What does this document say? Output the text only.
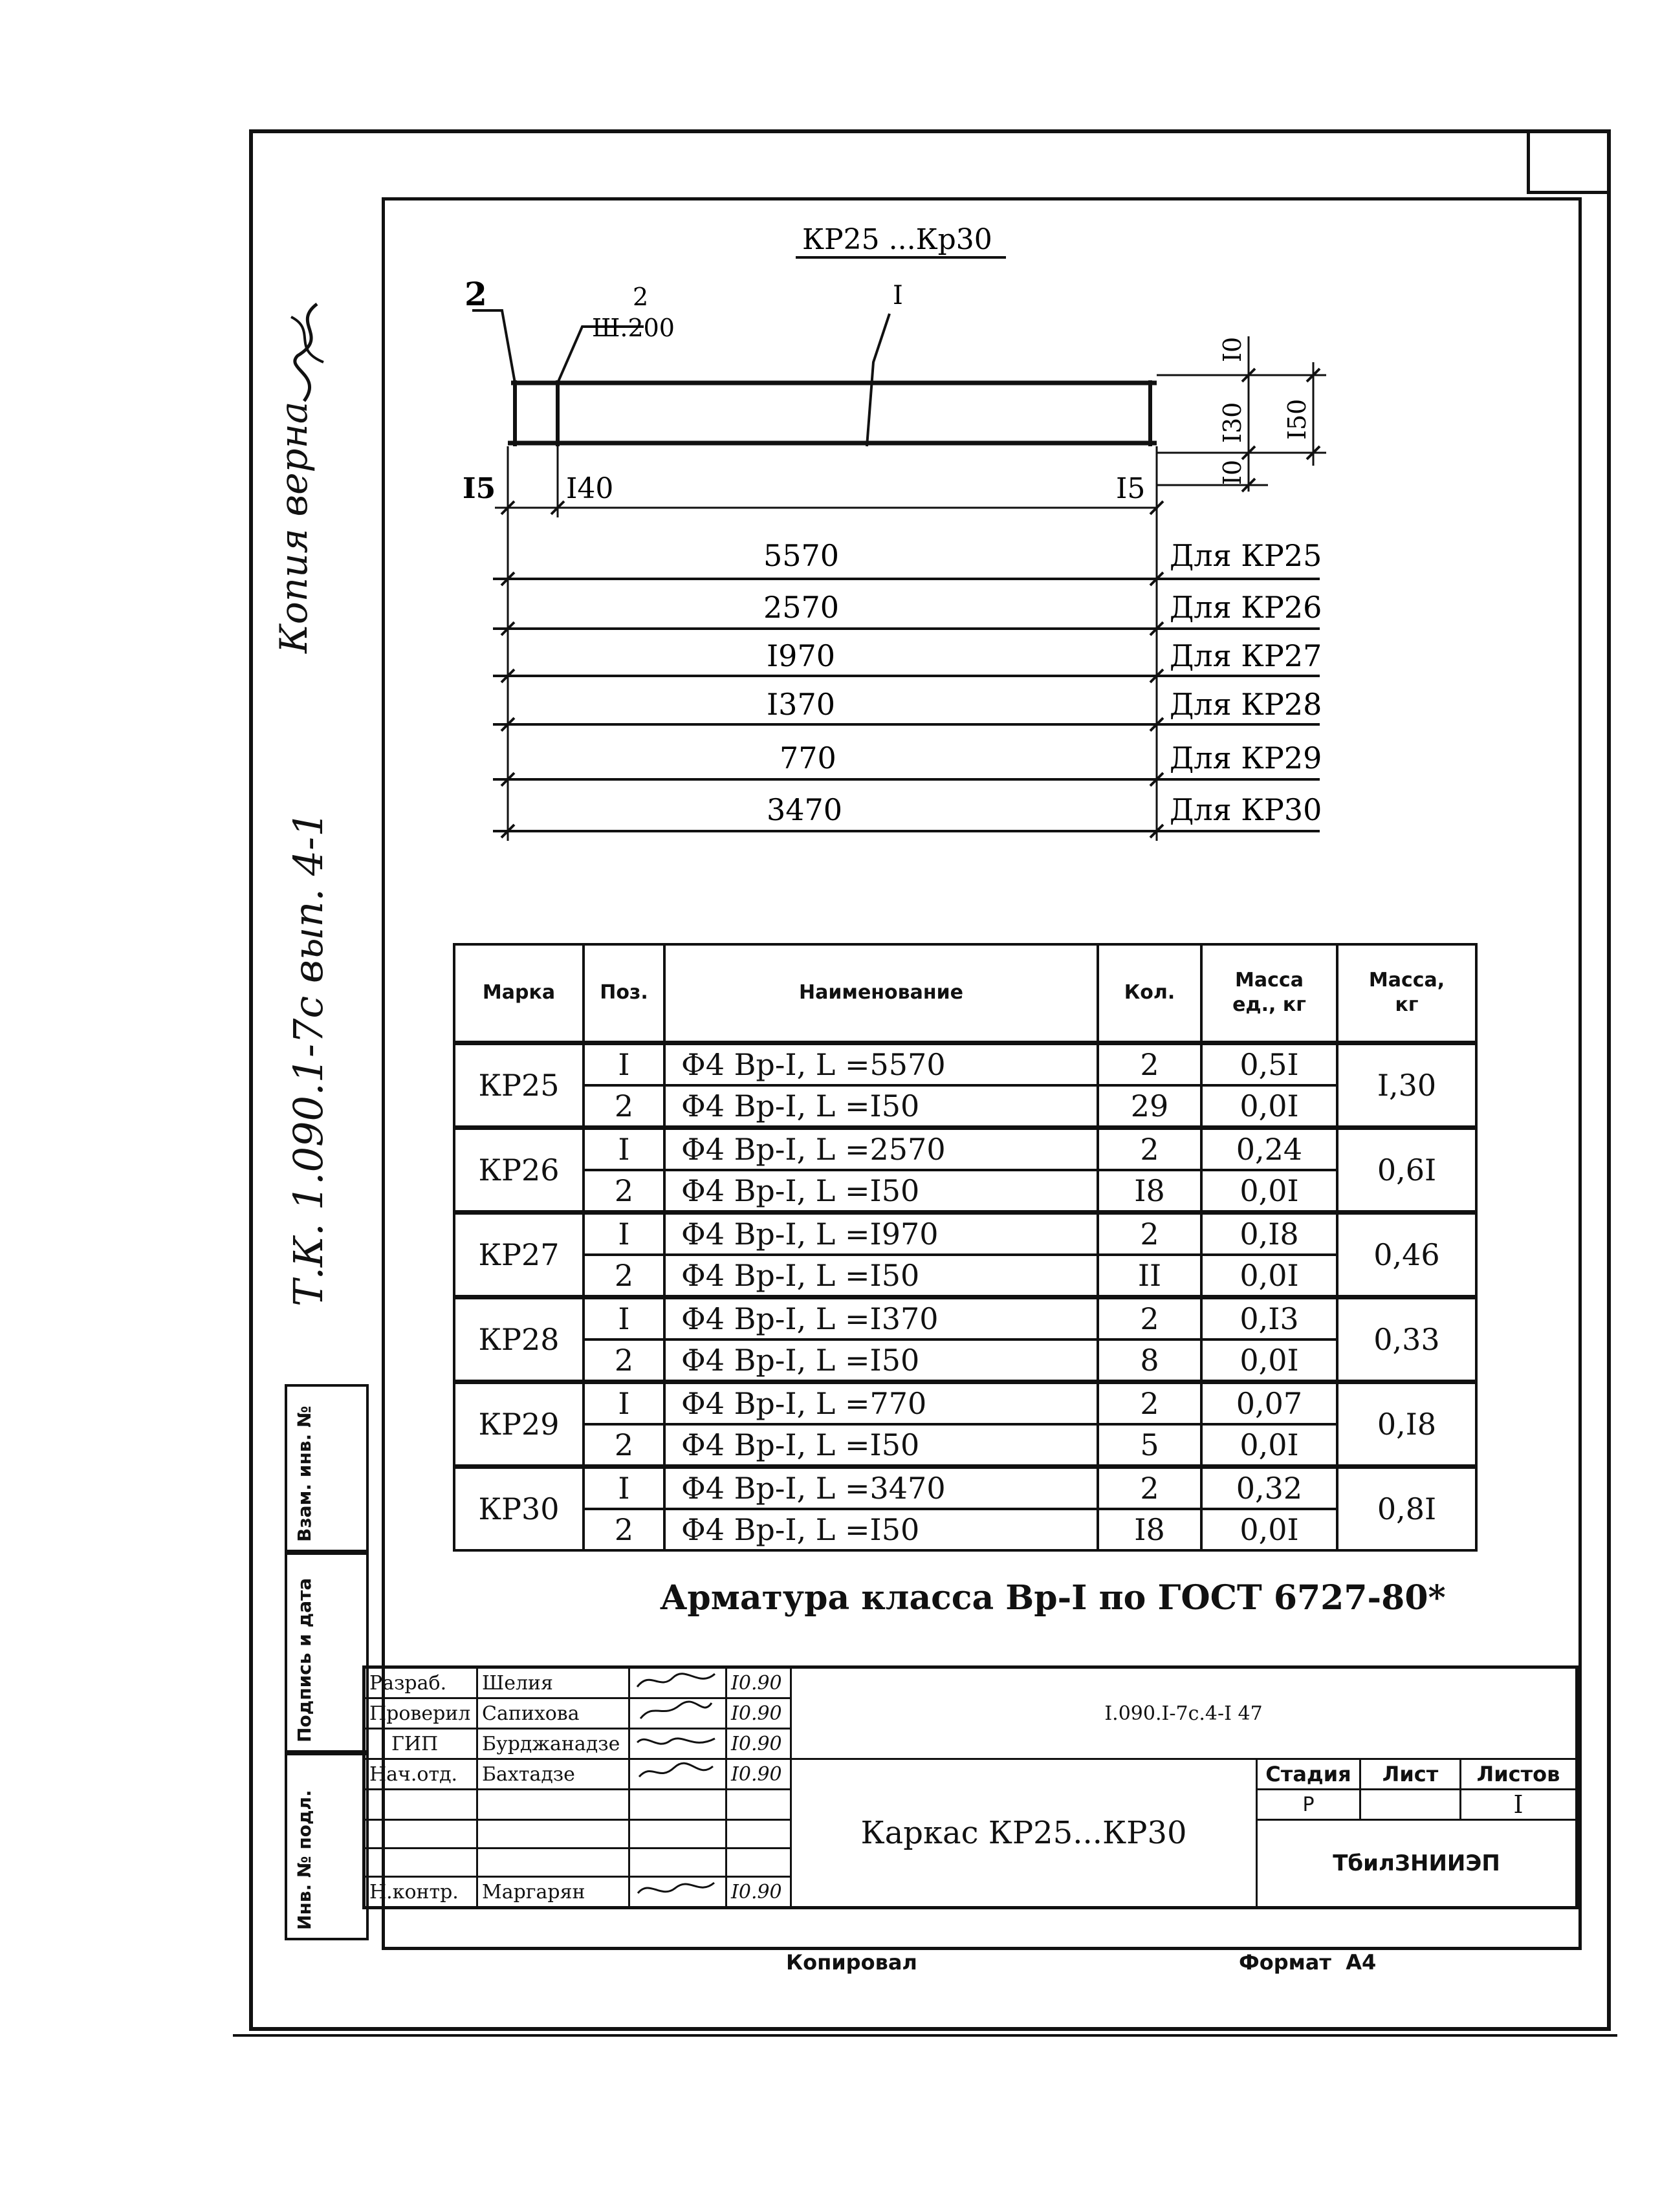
Копия верна
Т.К. 1.090.1-7с вып. 4-1
Взам. инв. №
Подпись и дата
Инв. № подл.
КР25 ...Кр30
2	2
Ш.200
I
I5 I40	I5
I0
I30 I50
I0
5570	Для КР25
2570	Для КР26
I970	Для КР27
I370	Для КР28
770	Для КР29
3470	Для КР30
Марка	Поз.	Наименование	Кол.	Масса ед., кг	Масса, кг
КР25	I	Φ4 Вр-I, L =5570	2	0,5I	I,30
	2	Φ4 Вр-I, L =I50	29	0,0I	
КР26	I	Φ4 Вр-I, L =2570	2	0,24	0,6I
	2	Φ4 Вр-I, L =I50	I8	0,0I	
КР27	I	Φ4 Вр-I, L =I970	2	0,I8	0,46
	2	Φ4 Вр-I, L =I50	II	0,0I	
КР28	I	Φ4 Вр-I, L =I370	2	0,I3	0,33
	2	Φ4 Вр-I, L =I50	8	0,0I	
КР29	I	Φ4 Вр-I, L =770	2	0,07	0,I8
	2	Φ4 Вр-I, L =I50	5	0,0I	
КР30	I	Φ4 Вр-I, L =3470	2	0,32	0,8I
	2	Φ4 Вр-I, L =I50	I8	0,0I	
Арматура класса Вр-I по ГОСТ 6727-80*
Разраб.	Шелия		I0.90	I.090.I-7с.4-I 47			
Проверил	Сапихова		I0.90				
ГИП	Бурджанадзе		I0.90				
Нач.отд.	Бахтадзе		I0.90	Каркас КР25...КР30	Стадия	Лист	Листов
					Р		I
					ТбилЗНИИЭП		

Н.контр.	Маргарян		I0.90				
Копировал	Формат  А4
